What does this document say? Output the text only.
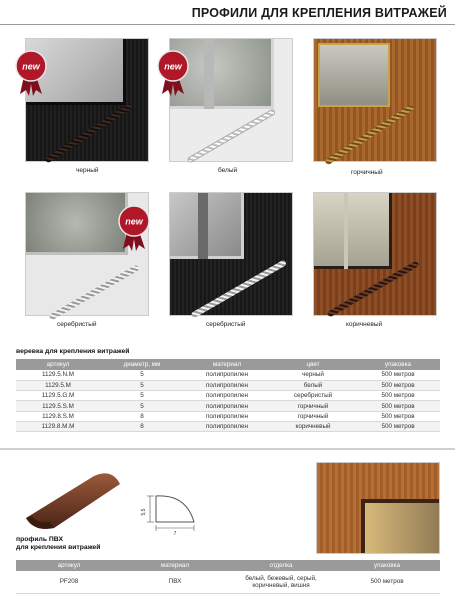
ПРОФИЛИ ДЛЯ КРЕПЛЕНИЯ ВИТРАЖЕЙ
черный	белый	горчичный
серебристый	серебристый	коричневый
new	new
new
веревка для крепления витражей
артикул	диаметр, мм	материал	цвет	упаковка
1129.5.N.M	5	полипропилен	черный	500 метров
1129.5.M	5	полипропилен	белый	500 метров
1129.5.G.M	5	полипропилен	серебристый	500 метров
1129.5.S.M	5	полипропилен	горчичный	500 метров
1129.8.S.M	8	полипропилен	горчичный	500 метров
1129.8.M.M	8	полипропилен	коричневый	500 метров
профиль ПВХ
для крепления витражей
5,5
7
артикул	материал	отделка	упаковка
PF208	ПВХ	белый, бежевый, серый, коричневый, вишня	500 метров
